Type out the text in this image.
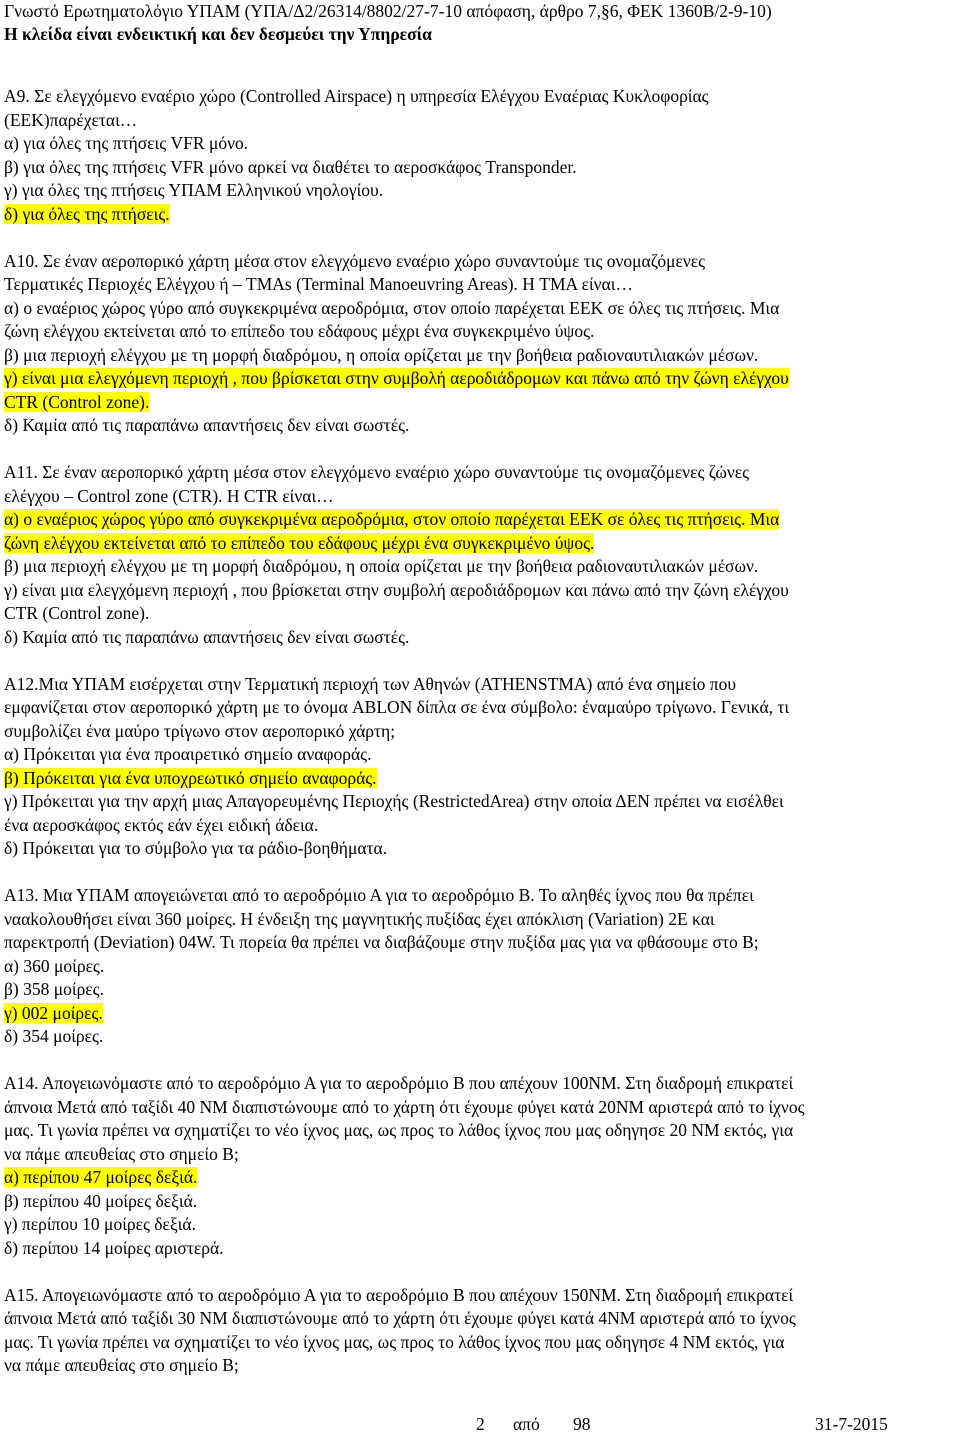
Γνωστό Ερωτηματολόγιο ΥΠΑΜ (ΥΠΑ/Δ2/26314/8802/27-7-10 απόφαση, άρθρο 7,§6, ΦΕΚ 1360Β/2-9-10)
Η κλείδα είναι ενδεικτική και δεν δεσμεύει την Υπηρεσία
Α9. Σε ελεγχόμενο εναέριο χώρο (Controlled Airspace) η υπηρεσία Ελέγχου Εναέριας Κυκλοφορίας
(ΕΕΚ)παρέχεται…
α) για όλες της πτήσεις VFR μόνο.
β) για όλες της πτήσεις VFR μόνο αρκεί να διαθέτει το αεροσκάφος Transponder.
γ) για όλες της πτήσεις ΥΠΑΜ Ελληνικού νηολογίου.
δ) για όλες της πτήσεις.
Α10. Σε έναν αεροπορικό χάρτη μέσα στον ελεγχόμενο εναέριο χώρο συναντούμε τις ονομαζόμενες
Τερματικές Περιοχές Ελέγχου ή – TMAs (Terminal Manoeuvring Areas). Η TMA είναι…
α) ο εναέριος χώρος γύρο από συγκεκριμένα αεροδρόμια, στον οποίο παρέχεται ΕΕΚ σε όλες τις πτήσεις. Μια
ζώνη ελέγχου εκτείνεται από το επίπεδο του εδάφους μέχρι ένα συγκεκριμένο ύψος.
β) μια περιοχή ελέγχου με τη μορφή διαδρόμου, η οποία ορίζεται με την βοήθεια ραδιοναυτιλιακών μέσων.
γ) είναι μια ελεγχόμενη περιοχή , που βρίσκεται στην συμβολή αεροδιάδρομων και πάνω από την ζώνη ελέγχου
CTR (Control zone).
δ) Καμία από τις παραπάνω απαντήσεις δεν είναι σωστές.
Α11. Σε έναν αεροπορικό χάρτη μέσα στον ελεγχόμενο εναέριο χώρο συναντούμε τις ονομαζόμενες ζώνες
ελέγχου – Control zone (CTR). Η CTR είναι…
α) ο εναέριος χώρος γύρο από συγκεκριμένα αεροδρόμια, στον οποίο παρέχεται ΕΕΚ σε όλες τις πτήσεις. Μια
ζώνη ελέγχου εκτείνεται από το επίπεδο του εδάφους μέχρι ένα συγκεκριμένο ύψος.
β) μια περιοχή ελέγχου με τη μορφή διαδρόμου, η οποία ορίζεται με την βοήθεια ραδιοναυτιλιακών μέσων.
γ) είναι μια ελεγχόμενη περιοχή , που βρίσκεται στην συμβολή αεροδιάδρομων και πάνω από την ζώνη ελέγχου
CTR (Control zone).
δ) Καμία από τις παραπάνω απαντήσεις δεν είναι σωστές.
Α12.Μια ΥΠΑΜ εισέρχεται στην Τερματική περιοχή των Αθηνών (ATHENSTMA) από ένα σημείο που
εμφανίζεται στον αεροπορικό χάρτη με το όνομα ABLON δίπλα σε ένα σύμβολο: έναμαύρο τρίγωνο. Γενικά, τι
συμβολίζει ένα μαύρο τρίγωνο στον αεροπορικό χάρτη;
α) Πρόκειται για ένα προαιρετικό σημείο αναφοράς.
β) Πρόκειται για ένα υποχρεωτικό σημείο αναφοράς.
γ) Πρόκειται για την αρχή μιας Απαγορευμένης Περιοχής (RestrictedArea) στην οποία ΔΕΝ πρέπει να εισέλθει
ένα αεροσκάφος εκτός εάν έχει ειδική άδεια.
δ) Πρόκειται για το σύμβολο για τα ράδιο-βοηθήματα.
Α13. Μια ΥΠΑΜ απογειώνεται από το αεροδρόμιο Α για το αεροδρόμιο Β. Το αληθές ίχνος που θα πρέπει
νααkoλουθήσει είναι 360 μοίρες. Η ένδειξη της μαγνητικής πυξίδας έχει απόκλιση (Variation) 2E και
παρεκτροπή (Deviation) 04W. Τι πορεία θα πρέπει να διαβάζουμε στην πυξίδα μας για να φθάσουμε στο Β;
α) 360 μοίρες.
β) 358 μοίρες.
γ) 002 μοίρες.
δ) 354 μοίρες.
Α14. Απογειωνόμαστε από το αεροδρόμιο Α για το αεροδρόμιο Β που απέχουν 100ΝΜ. Στη διαδρομή επικρατεί
άπνοια Μετά από ταξίδι 40 ΝΜ διαπιστώνουμε από το χάρτη ότι έχουμε φύγει κατά 20ΝΜ αριστερά από το ίχνος
μας. Τι γωνία πρέπει να σχηματίζει το νέο ίχνος μας, ως προς το λάθος ίχνος που μας οδηγησε 20 ΝΜ εκτός, για
να πάμε απευθείας στο σημείο Β;
α) περίπου 47 μοίρες δεξιά.
β) περίπου 40 μοίρες δεξιά.
γ) περίπου 10 μοίρες δεξιά.
δ) περίπου 14 μοίρες αριστερά.
Α15. Απογειωνόμαστε από το αεροδρόμιο Α για το αεροδρόμιο Β που απέχουν 150ΝΜ. Στη διαδρομή επικρατεί
άπνοια Μετά από ταξίδι 30 ΝΜ διαπιστώνουμε από το χάρτη ότι έχουμε φύγει κατά 4ΝΜ αριστερά από το ίχνος
μας. Τι γωνία πρέπει να σχηματίζει το νέο ίχνος μας, ως προς το λάθος ίχνος που μας οδηγησε 4 ΝΜ εκτός, για
να πάμε απευθείας στο σημείο Β;
2 από 98	31-7-2015
